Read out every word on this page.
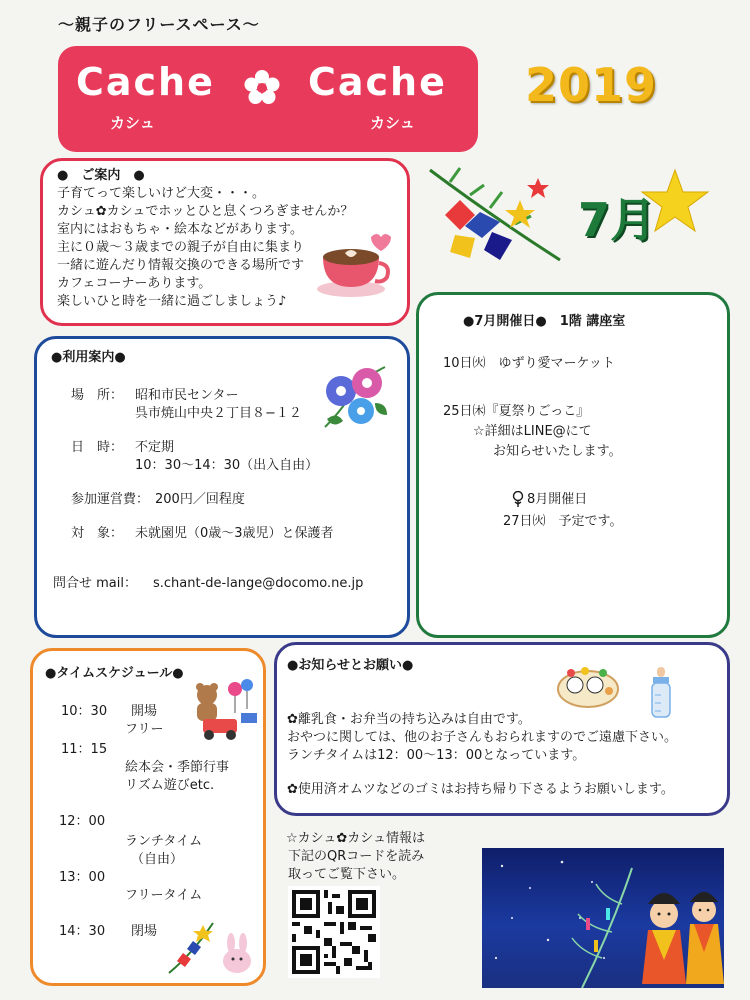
〜親子のフリースペース〜
Cache Cache
カシュ	カシュ
2019
7月
●　ご案内　●
子育てって楽しいけど大変・・・。
カシュ✿カシュでホッとひと息くつろぎませんか？
室内にはおもちゃ・絵本などがあります。
主に０歳〜３歳までの親子が自由に集まり
一緒に遊んだり情報交換のできる場所です
カフェコーナーあります。
楽しいひと時を一緒に過ごしましょう♪
●利用案内●
場　所： 昭和市民センター
呉市焼山中央２丁目８−１２
日　時： 不定期
10：30〜14：30（出入自由）
参加運営費： 200円／回程度
対　象： 未就園児（0歳〜3歳児）と保護者
問合せ mail： s.chant-de-lange@docomo.ne.jp
●7月開催日●　1階 講座室
10日㈫　ゆずり愛マーケット
25日㈭『夏祭りごっこ』
☆詳細はLINE@にて
お知らせいたします。
8月開催日
27日㈫　予定です。
●タイムスケジュール●
10：30 開場
フリー
11：15
絵本会・季節行事
リズム遊びetc.
12：00
ランチタイム
（自由）
13：00
フリータイム
14：30 閉場
●お知らせとお願い●
✿離乳食・お弁当の持ち込みは自由です。
おやつに関しては、他のお子さんもおられますのでご遠慮下さい。
ランチタイムは12：00〜13：00となっています。
✿使用済オムツなどのゴミはお持ち帰り下さるようお願いします。
☆カシュ✿カシュ情報は
下記のQRコードを読み
取ってご覧下さい。
